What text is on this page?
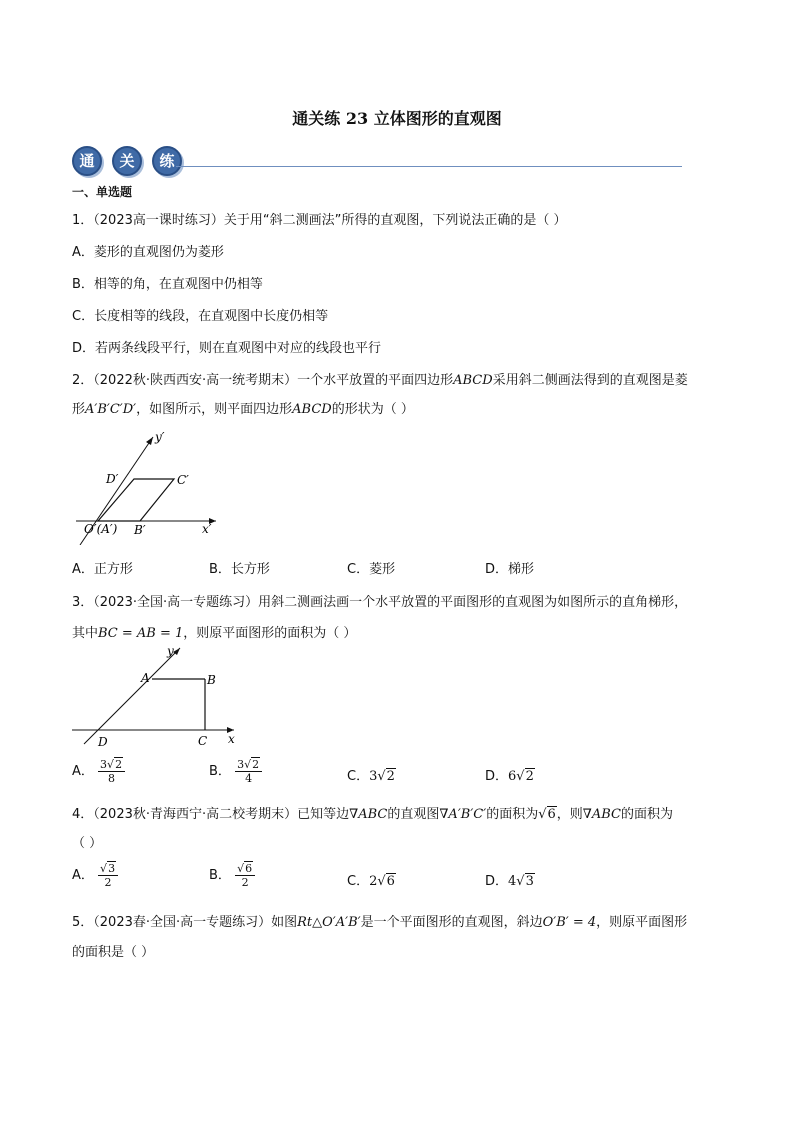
通关练 23 立体图形的直观图
通	关	练
一、单选题
1．（2023高一课时练习）关于用“斜二测画法”所得的直观图，下列说法正确的是（ ）
A．菱形的直观图仍为菱形
B．相等的角，在直观图中仍相等
C．长度相等的线段，在直观图中长度仍相等
D．若两条线段平行，则在直观图中对应的线段也平行
2．（2022秋·陕西西安·高一统考期末）一个水平放置的平面四边形ABCD采用斜二侧画法得到的直观图是菱
形A′B′C′D′，如图所示，则平面四边形ABCD的形状为（ ）
y′
D′	C′
O′(A′) B′	x′
A．正方形	B．长方形	C．菱形	D．梯形
3．（2023·全国·高一专题练习）用斜二测画法画一个水平放置的平面图形的直观图为如图所示的直角梯形，
其中BC = AB = 1，则原平面图形的面积为（ ）
y
A	B
D	C x
A． $\frac{3√2}{8}$	B． $\frac{3√2}{4}$	C．3√2	D．6√2
4．（2023秋·青海西宁·高二校考期末）已知等边∇ABC的直观图∇A′B′C′的面积为√6，则∇ABC的面积为
（ ）
A． $\frac{√3}{2}$	B． $\frac{√6}{2}$	C．2√6	D．4√3
5．（2023春·全国·高一专题练习）如图Rt△O′A′B′是一个平面图形的直观图，斜边O′B′ = 4，则原平面图形
的面积是（ ）
